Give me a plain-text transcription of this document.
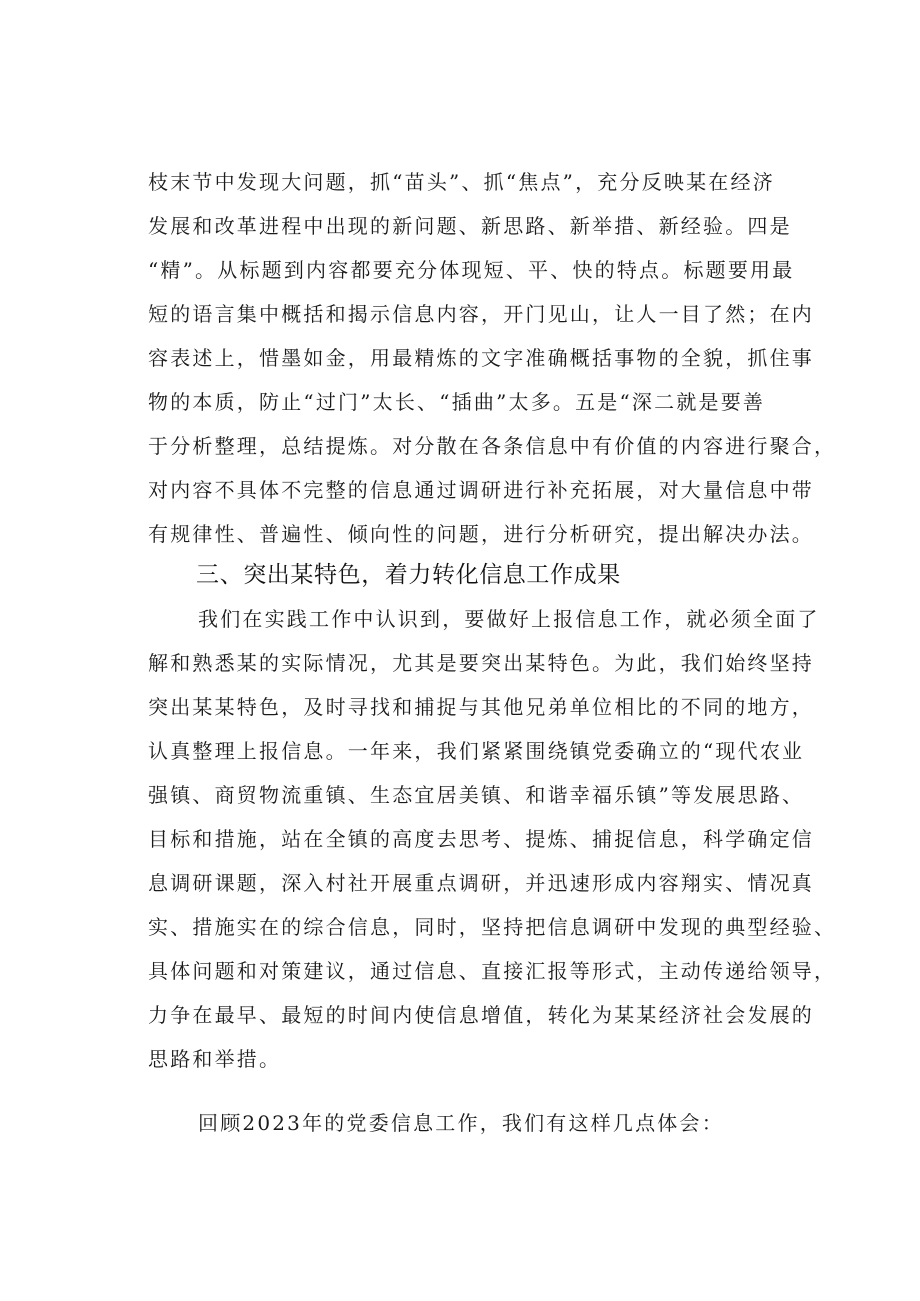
枝末节中发现大问题，抓“苗头”、抓“焦点”，充分反映某在经济
发展和改革进程中出现的新问题、新思路、新举措、新经验。四是
“精”。从标题到内容都要充分体现短、平、快的特点。标题要用最
短的语言集中概括和揭示信息内容，开门见山，让人一目了然；在内
容表述上，惜墨如金，用最精炼的文字准确概括事物的全貌，抓住事
物的本质，防止“过门”太长、“插曲”太多。五是“深二就是要善
于分析整理，总结提炼。对分散在各条信息中有价值的内容进行聚合，
对内容不具体不完整的信息通过调研进行补充拓展，对大量信息中带
有规律性、普遍性、倾向性的问题，进行分析研究，提出解决办法。
三、突出某特色，着力转化信息工作成果
我们在实践工作中认识到，要做好上报信息工作，就必须全面了
解和熟悉某的实际情况，尤其是要突出某特色。为此，我们始终坚持
突出某某特色，及时寻找和捕捉与其他兄弟单位相比的不同的地方，
认真整理上报信息。一年来，我们紧紧围绕镇党委确立的“现代农业
强镇、商贸物流重镇、生态宜居美镇、和谐幸福乐镇”等发展思路、
目标和措施，站在全镇的高度去思考、提炼、捕捉信息，科学确定信
息调研课题，深入村社开展重点调研，并迅速形成内容翔实、情况真
实、措施实在的综合信息，同时，坚持把信息调研中发现的典型经验、
具体问题和对策建议，通过信息、直接汇报等形式，主动传递给领导，
力争在最早、最短的时间内使信息增值，转化为某某经济社会发展的
思路和举措。
回顾2023年的党委信息工作，我们有这样几点体会：
